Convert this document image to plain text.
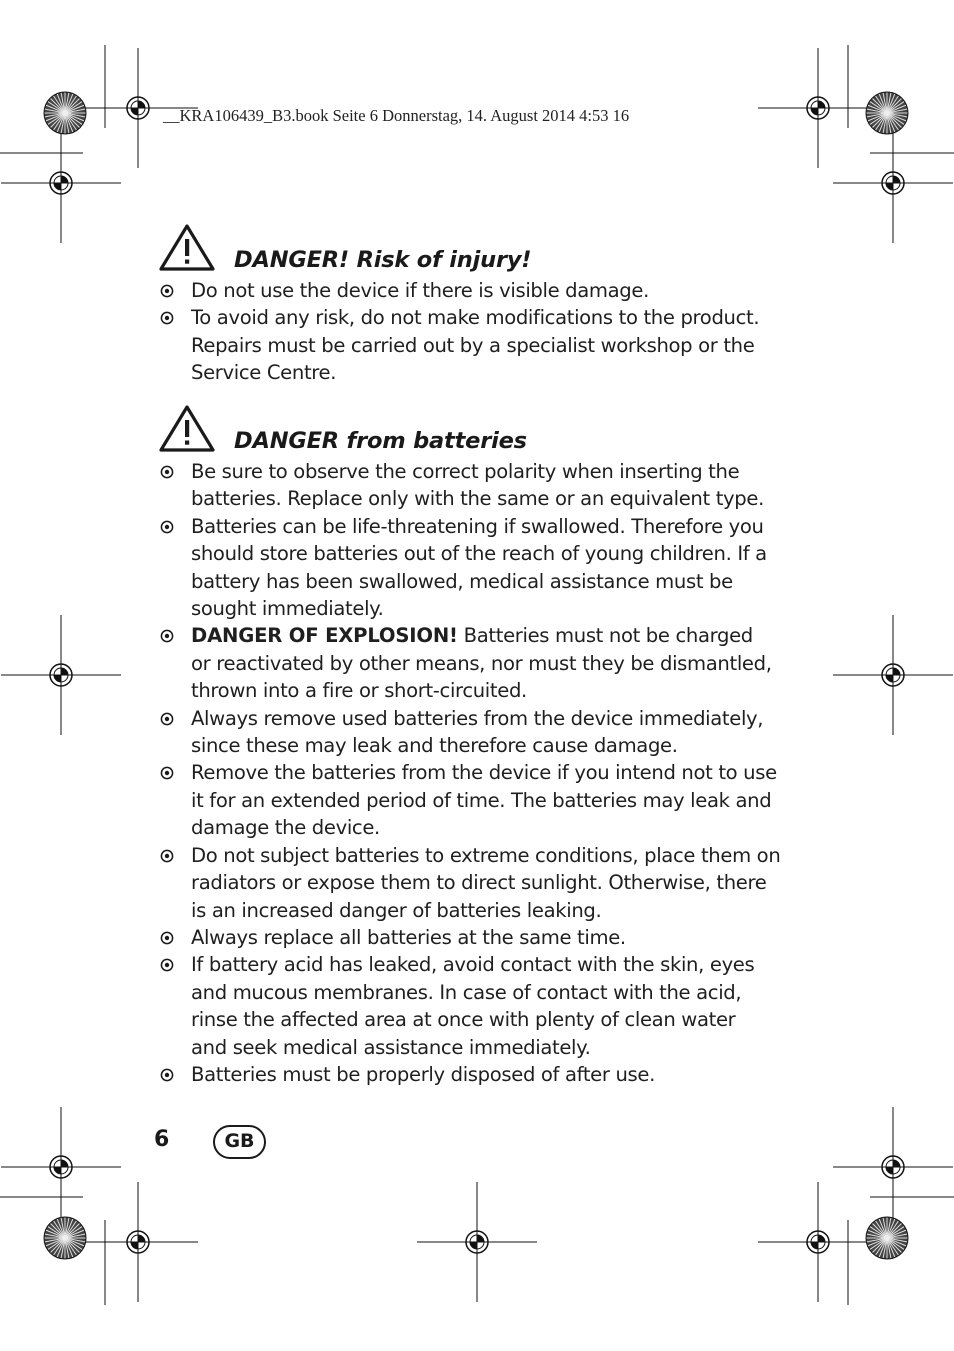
__KRA106439_B3.book Seite 6 Donnerstag, 14. August 2014 4:53 16
DANGER! Risk of injury!
Do not use the device if there is visible damage.
To avoid any risk, do not make modifications to the product.
Repairs must be carried out by a specialist workshop or the
Service Centre.
DANGER from batteries
Be sure to observe the correct polarity when inserting the
batteries. Replace only with the same or an equivalent type.
Batteries can be life-threatening if swallowed. Therefore you
should store batteries out of the reach of young children. If a
battery has been swallowed, medical assistance must be
sought immediately.
DANGER OF EXPLOSION! Batteries must not be charged
or reactivated by other means, nor must they be dismantled,
thrown into a fire or short-circuited.
Always remove used batteries from the device immediately,
since these may leak and therefore cause damage.
Remove the batteries from the device if you intend not to use
it for an extended period of time. The batteries may leak and
damage the device.
Do not subject batteries to extreme conditions, place them on
radiators or expose them to direct sunlight. Otherwise, there
is an increased danger of batteries leaking.
Always replace all batteries at the same time.
If battery acid has leaked, avoid contact with the skin, eyes
and mucous membranes. In case of contact with the acid,
rinse the affected area at once with plenty of clean water
and seek medical assistance immediately.
Batteries must be properly disposed of after use.
6	GB
